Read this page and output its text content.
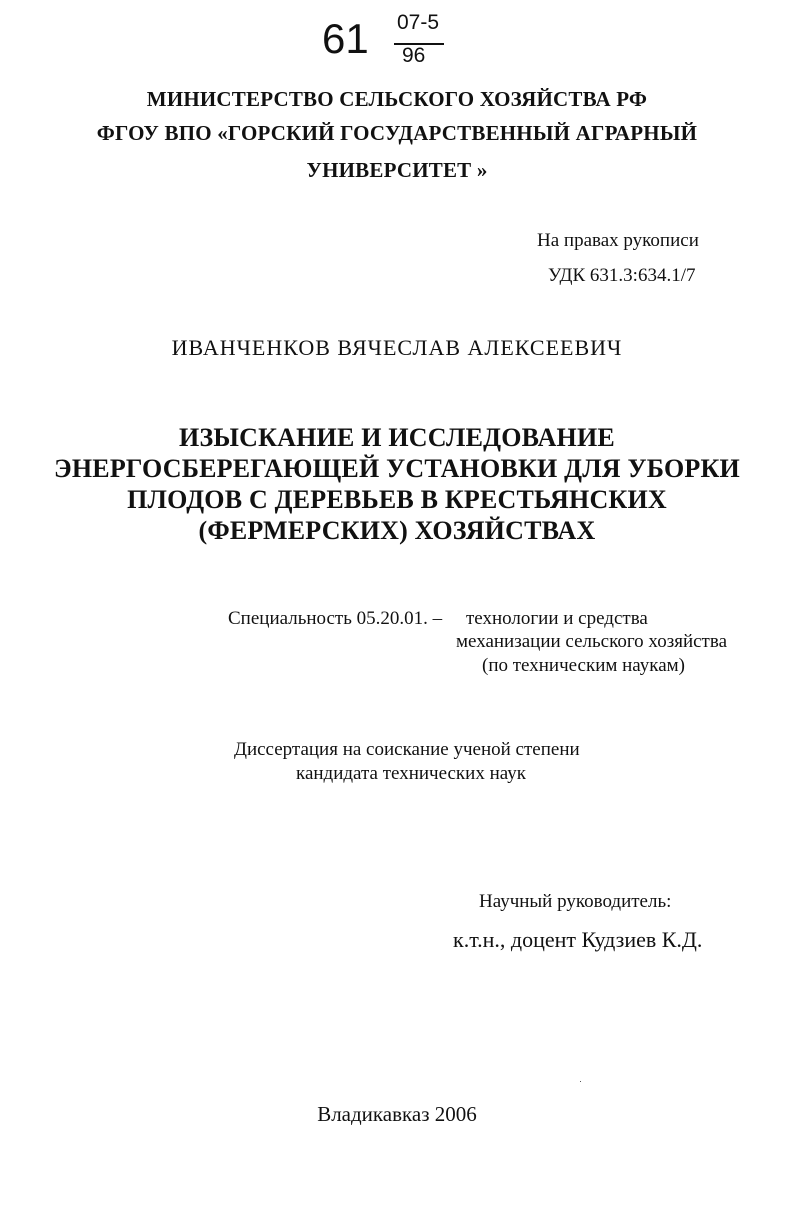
61 07-5
96
МИНИСТЕРСТВО СЕЛЬСКОГО ХОЗЯЙСТВА РФ
ФГОУ ВПО «ГОРСКИЙ ГОСУДАРСТВЕННЫЙ АГРАРНЫЙ
УНИВЕРСИТЕТ »
На правах рукописи
УДК 631.3:634.1/7
ИВАНЧЕНКОВ ВЯЧЕСЛАВ АЛЕКСЕЕВИЧ
ИЗЫСКАНИЕ И ИССЛЕДОВАНИЕ
ЭНЕРГОСБЕРЕГАЮЩЕЙ УСТАНОВКИ ДЛЯ УБОРКИ
ПЛОДОВ С ДЕРЕВЬЕВ В КРЕСТЬЯНСКИХ
(ФЕРМЕРСКИХ) ХОЗЯЙСТВАХ
Специальность 05.20.01. – технологии и средства
механизации сельского хозяйства
(по техническим наукам)
Диссертация на соискание ученой степени
кандидата технических наук
Научный руководитель:
к.т.н., доцент Кудзиев К.Д.
Владикавказ 2006
